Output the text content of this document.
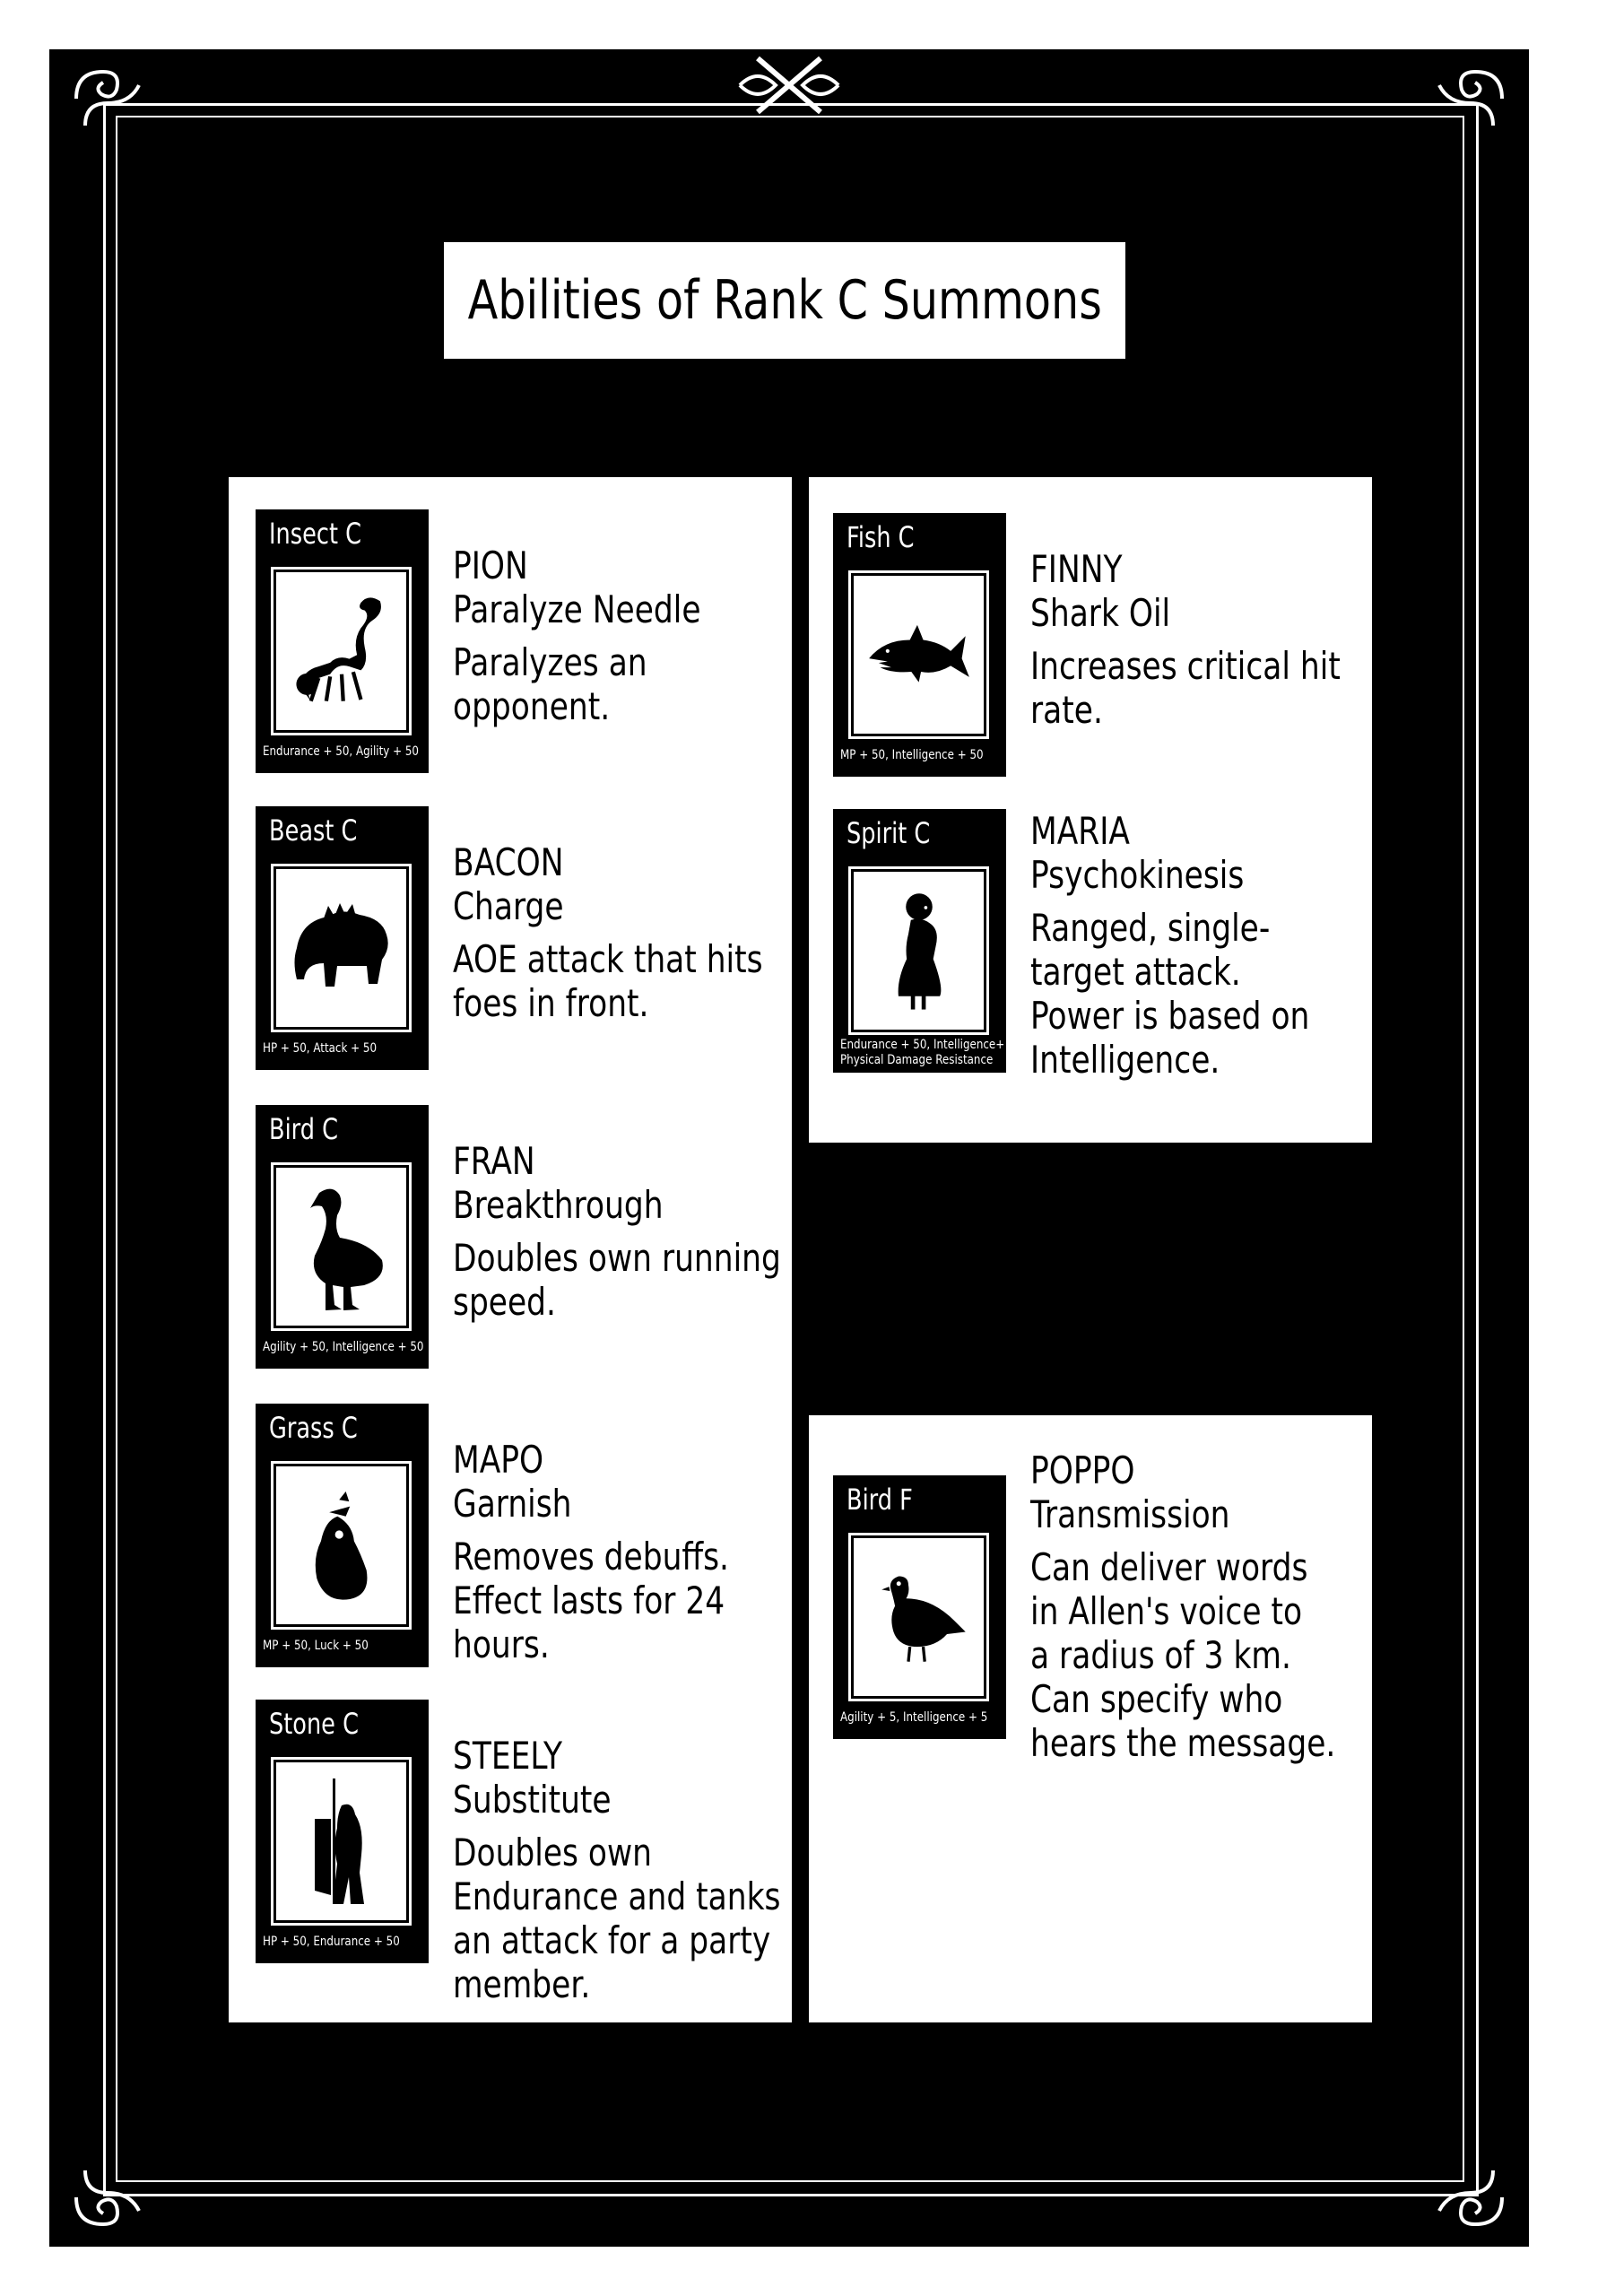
Abilities of Rank C Summons
Insect C
Endurance + 50, Agility + 50
PION
Paralyze Needle
Paralyzes an
opponent.
Beast C
HP + 50, Attack + 50
BACON
Charge
AOE attack that hits
foes in front.
Bird C
Agility + 50, Intelligence + 50
FRAN
Breakthrough
Doubles own running
speed.
Grass C
MP + 50, Luck + 50
MAPO
Garnish
Removes debuffs.
Effect lasts for 24
hours.
Stone C
HP + 50, Endurance + 50
STEELY
Substitute
Doubles own
Endurance and tanks
an attack for a party
member.
Fish C
MP + 50, Intelligence + 50
FINNY
Shark Oil
Increases critical hit
rate.
Spirit C
Endurance + 50, Intelligence+ 50,
Physical Damage Resistance
MARIA
Psychokinesis
Ranged, single-
target attack.
Power is based on
Intelligence.
Bird F
Agility + 5, Intelligence + 5
POPPO
Transmission
Can deliver words
in Allen's voice to
a radius of 3 km.
Can specify who
hears the message.
